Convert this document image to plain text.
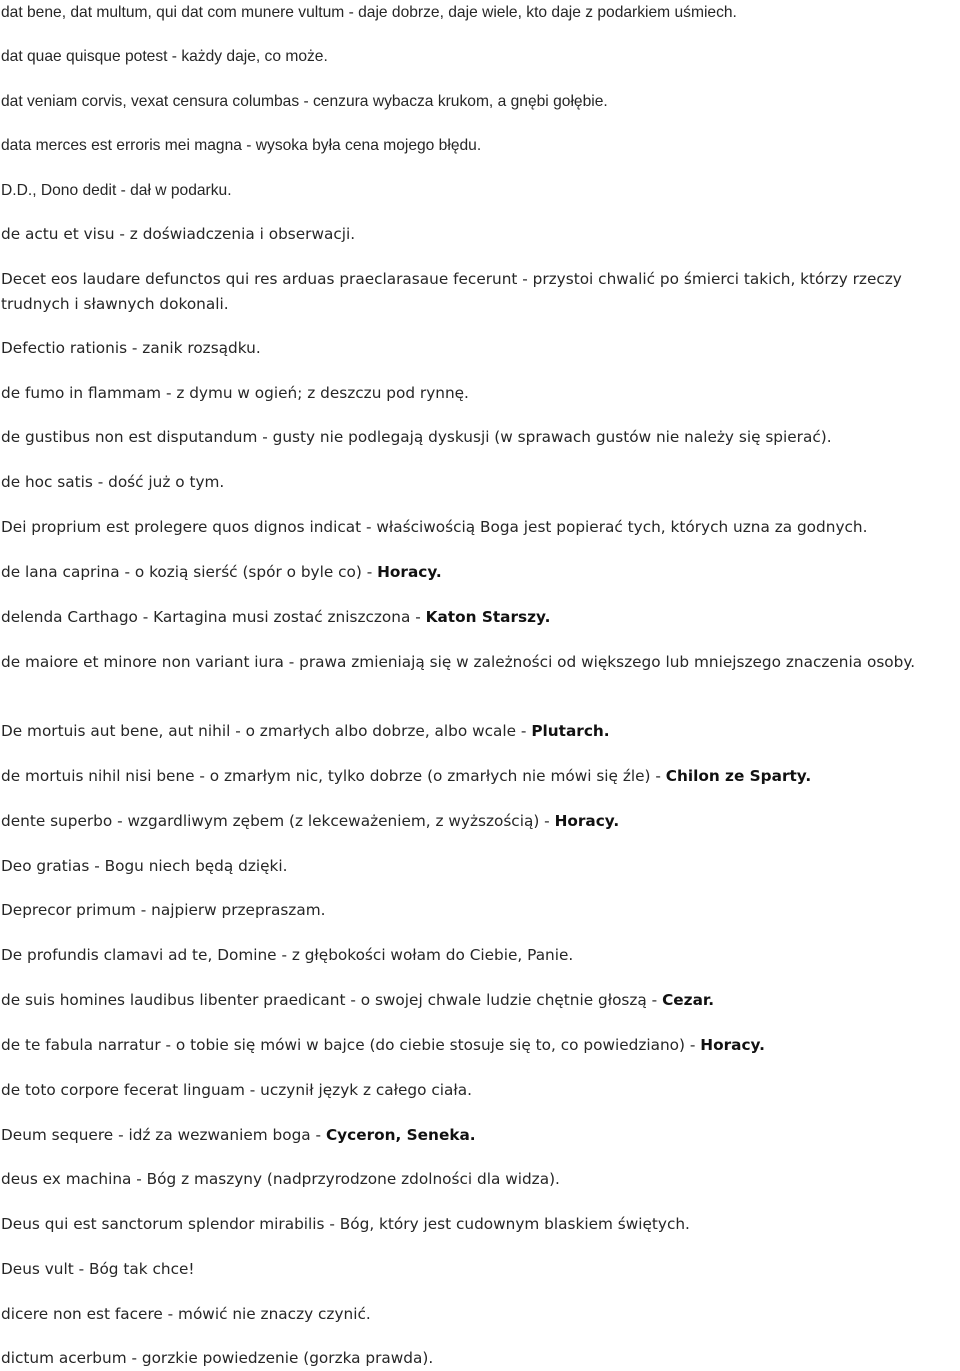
dat bene, dat multum, qui dat com munere vultum - daje dobrze, daje wiele, kto daje z podarkiem uśmiech.

dat quae quisque potest - każdy daje, co może.

dat veniam corvis, vexat censura columbas - cenzura wybacza krukom, a gnębi gołębie.

data merces est erroris mei magna - wysoka była cena mojego błędu.

D.D., Dono dedit - dał w podarku.

de actu et visu - z doświadczenia i obserwacji.

Decet eos laudare defunctos qui res arduas praeclarasaue fecerunt - przystoi chwalić po śmierci takich, którzy rzeczy trudnych i sławnych dokonali.

Defectio rationis - zanik rozsądku.

de fumo in flammam - z dymu w ogień; z deszczu pod rynnę.

de gustibus non est disputandum - gusty nie podlegają dyskusji (w sprawach gustów nie należy się spierać).

de hoc satis - dość już o tym.

Dei proprium est prolegere quos dignos indicat - właściwością Boga jest popierać tych, których uzna za godnych.

de lana caprina - o kozią sierść (spór o byle co) - Horacy.

delenda Carthago - Kartagina musi zostać zniszczona - Katon Starszy.

de maiore et minore non variant iura - prawa zmieniają się w zależności od większego lub mniejszego znaczenia osoby.

De mortuis aut bene, aut nihil - o zmarłych albo dobrze, albo wcale - Plutarch.

de mortuis nihil nisi bene - o zmarłym nic, tylko dobrze (o zmarłych nie mówi się źle) - Chilon ze Sparty.

dente superbo - wzgardliwym zębem (z lekceważeniem, z wyższością) - Horacy.

Deo gratias - Bogu niech będą dzięki.

Deprecor primum - najpierw przepraszam.

De profundis clamavi ad te, Domine - z głębokości wołam do Ciebie, Panie.

de suis homines laudibus libenter praedicant - o swojej chwale ludzie chętnie głoszą - Cezar.

de te fabula narratur - o tobie się mówi w bajce (do ciebie stosuje się to, co powiedziano) - Horacy.

de toto corpore fecerat linguam - uczynił język z całego ciała.

Deum sequere - idź za wezwaniem boga - Cyceron, Seneka.

deus ex machina - Bóg z maszyny (nadprzyrodzone zdolności dla widza).

Deus qui est sanctorum splendor mirabilis - Bóg, który jest cudownym blaskiem świętych.

Deus vult - Bóg tak chce!

dicere non est facere - mówić nie znaczy czynić.

dictum acerbum - gorzkie powiedzenie (gorzka prawda).
